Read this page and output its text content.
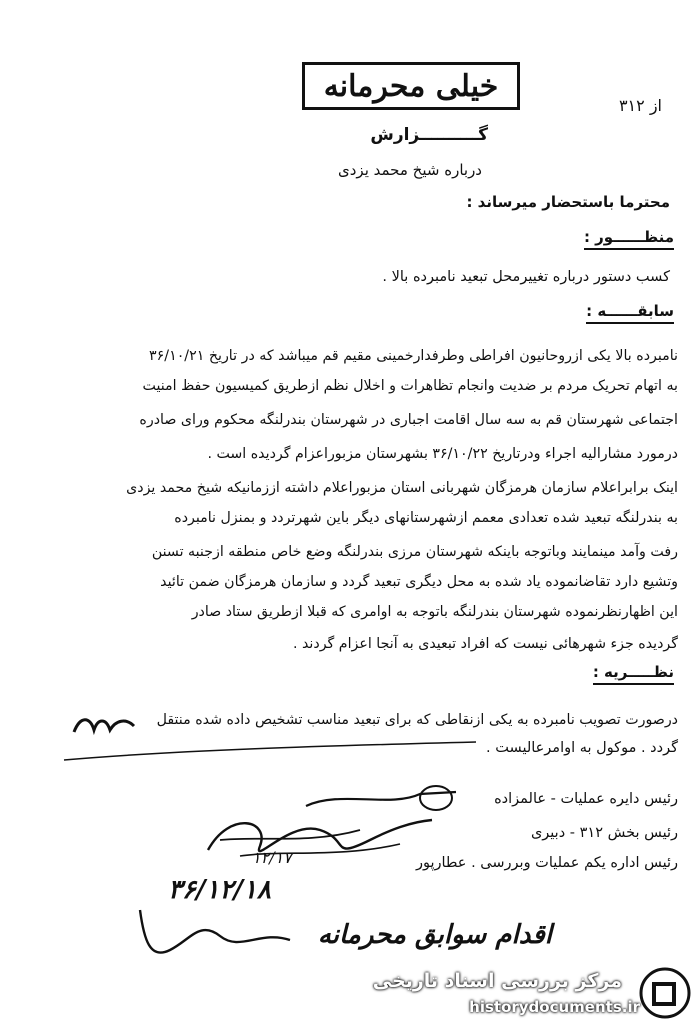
خیلی محرمانه
از ۳۱۲
گــــــــــزارش
درباره شیخ محمد یزدی
محترما باستحضار میرساند :
منظــــــور :
کسب دستور درباره تغییرمحل تبعید نامبرده بالا .
سابقــــــه :
نامبرده بالا یکی ازروحانیون افراطی وطرفدارخمینی مقیم قم میباشد که در تاریخ ۳۶/۱۰/۲۱
به اتهام تحریک مردم بر ضدیت وانجام تظاهرات و اخلال نظم ازطریق کمیسیون حفظ امنیت
اجتماعی شهرستان قم به سه سال اقامت اجباری در شهرستان بندرلنگه محکوم ورای صادره
درمورد مشارالیه اجراء ودرتاریخ ۳۶/۱۰/۲۲ بشهرستان مزبوراعزام گردیده است .
اینک برابراعلام سازمان هرمزگان شهربانی استان مزبوراعلام داشته اززمانیکه شیخ محمد یزدی
به بندرلنگه تبعید شده تعدادی معمم ازشهرستانهای دیگر باین شهرتردد و بمنزل نامبرده
رفت وآمد مینمایند وباتوجه باینکه شهرستان مرزی بندرلنگه وضع خاص منطقه ازجنبه تسنن
وتشیع دارد تقاضانموده یاد شده به محل دیگری تبعید گردد و سازمان هرمزگان ضمن تائید
این اظهارنظرنموده شهرستان بندرلنگه باتوجه به اوامری که قبلا ازطریق ستاد صادر
گردیده جزء شهرهائی نیست که افراد تبعیدی به آنجا اعزام گردند .
نظـــــریه :
درصورت تصویب نامبرده به یکی ازنقاطی که برای تبعید مناسب تشخیص داده شده منتقل
گردد . موکول به اوامرعالیست .
رئیس دایره عملیات - عالمزاده
رئیس بخش ۳۱۲ - دبیری
رئیس اداره یکم عملیات وبررسی . عطارپور
۱۲/۱۷
۳۶/۱۲/۱۸
اقدام سوابق محرمانه
مرکز بررسی اسناد تاریخی
historydocuments.ir
